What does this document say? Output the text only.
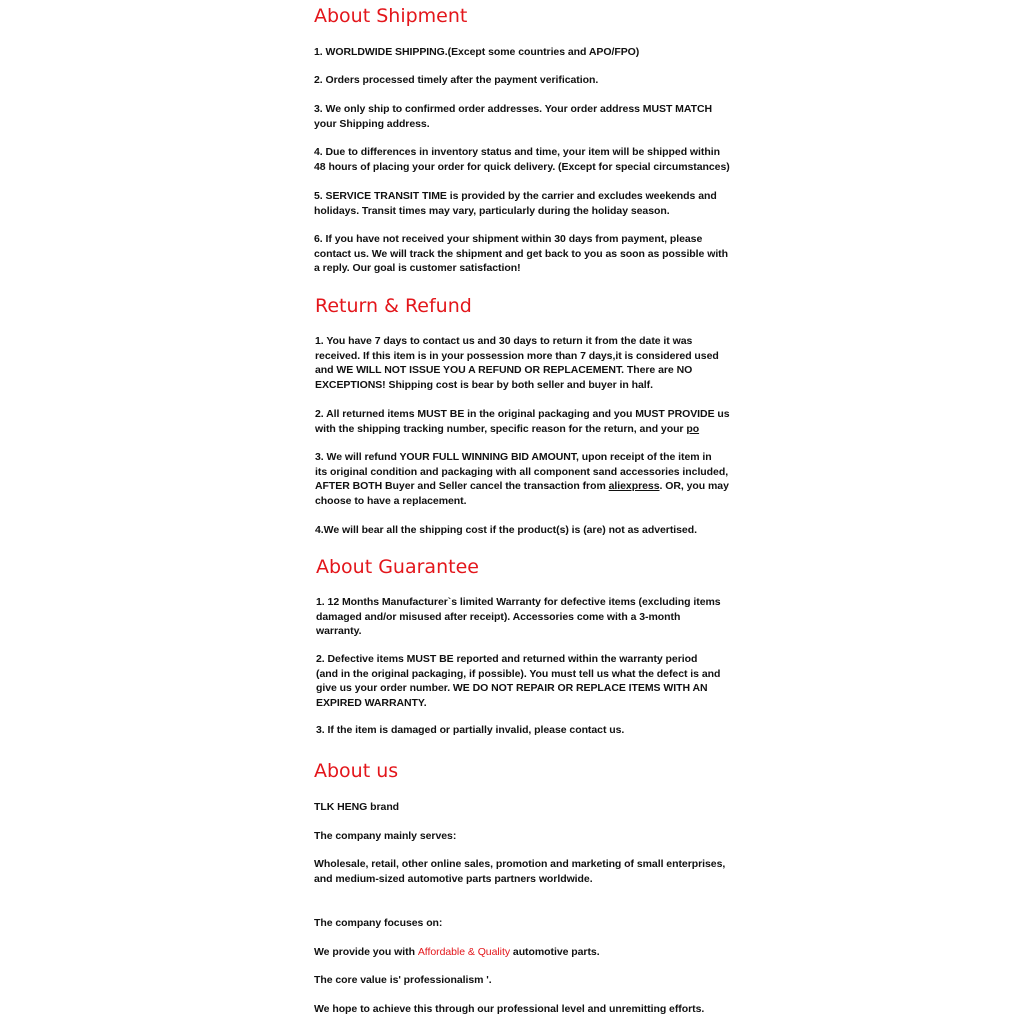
About Shipment

1. WORLDWIDE SHIPPING.(Except some countries and APO/FPO)

2. Orders processed timely after the payment verification.

3. We only ship to confirmed order addresses. Your order address MUST MATCH
your Shipping address.

4. Due to differences in inventory status and time, your item will be shipped within
48 hours of placing your order for quick delivery. (Except for special circumstances)

5. SERVICE TRANSIT TIME is provided by the carrier and excludes weekends and
holidays. Transit times may vary, particularly during the holiday season.

6. If you have not received your shipment within 30 days from payment, please
contact us. We will track the shipment and get back to you as soon as possible with
a reply. Our goal is customer satisfaction!

Return & Refund

1. You have 7 days to contact us and 30 days to return it from the date it was
received. If this item is in your possession more than 7 days,it is considered used
and WE WILL NOT ISSUE YOU A REFUND OR REPLACEMENT. There are NO
EXCEPTIONS! Shipping cost is bear by both seller and buyer in half.

2. All returned items MUST BE in the original packaging and you MUST PROVIDE us
with the shipping tracking number, specific reason for the return, and your po

3. We will refund YOUR FULL WINNING BID AMOUNT, upon receipt of the item in
its original condition and packaging with all component sand accessories included,
AFTER BOTH Buyer and Seller cancel the transaction from aliexpress. OR, you may
choose to have a replacement.

4.We will bear all the shipping cost if the product(s) is (are) not as advertised.

About Guarantee

1. 12 Months Manufacturer`s limited Warranty for defective items (excluding items
damaged and/or misused after receipt). Accessories come with a 3-month
warranty.

2. Defective items MUST BE reported and returned within the warranty period
(and in the original packaging, if possible). You must tell us what the defect is and
give us your order number. WE DO NOT REPAIR OR REPLACE ITEMS WITH AN
EXPIRED WARRANTY.

3. If the item is damaged or partially invalid, please contact us.

About us

TLK HENG brand

The company mainly serves:

Wholesale, retail, other online sales, promotion and marketing of small enterprises,
and medium-sized automotive parts partners worldwide.

The company focuses on:

We provide you with Affordable & Quality automotive parts.

The core value is' professionalism '.

We hope to achieve this through our professional level and unremitting efforts.
